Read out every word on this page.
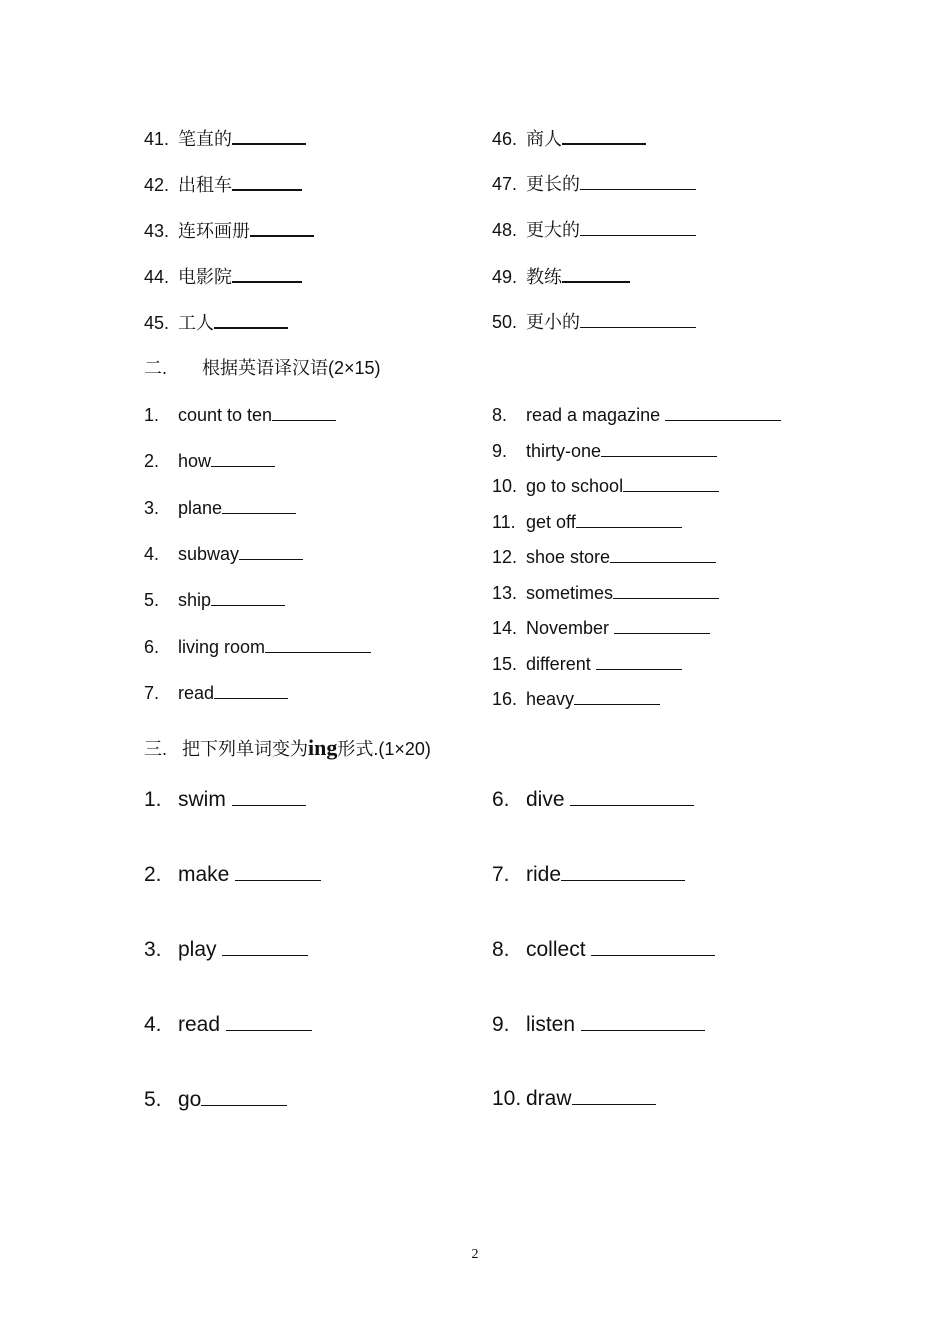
41. 笔直的
42. 出租车
43. 连环画册
44. 电影院
45. 工人
46. 商人
47. 更长的
48. 更大的
49. 教练
50. 更小的
二. 根据英语译汉语(2×15)
1. count to ten
2. how
3. plane
4. subway
5. ship
6. living room
7. read
8. read a magazine
9. thirty-one
10. go to school
11. get off
12. shoe store
13. sometimes
14. November
15. different
16. heavy
三. 把下列单词变为ing形式.(1×20)
1. swim
2. make
3. play
4. read
5. go
6. dive
7. ride
8. collect
9. listen
10. draw
2
